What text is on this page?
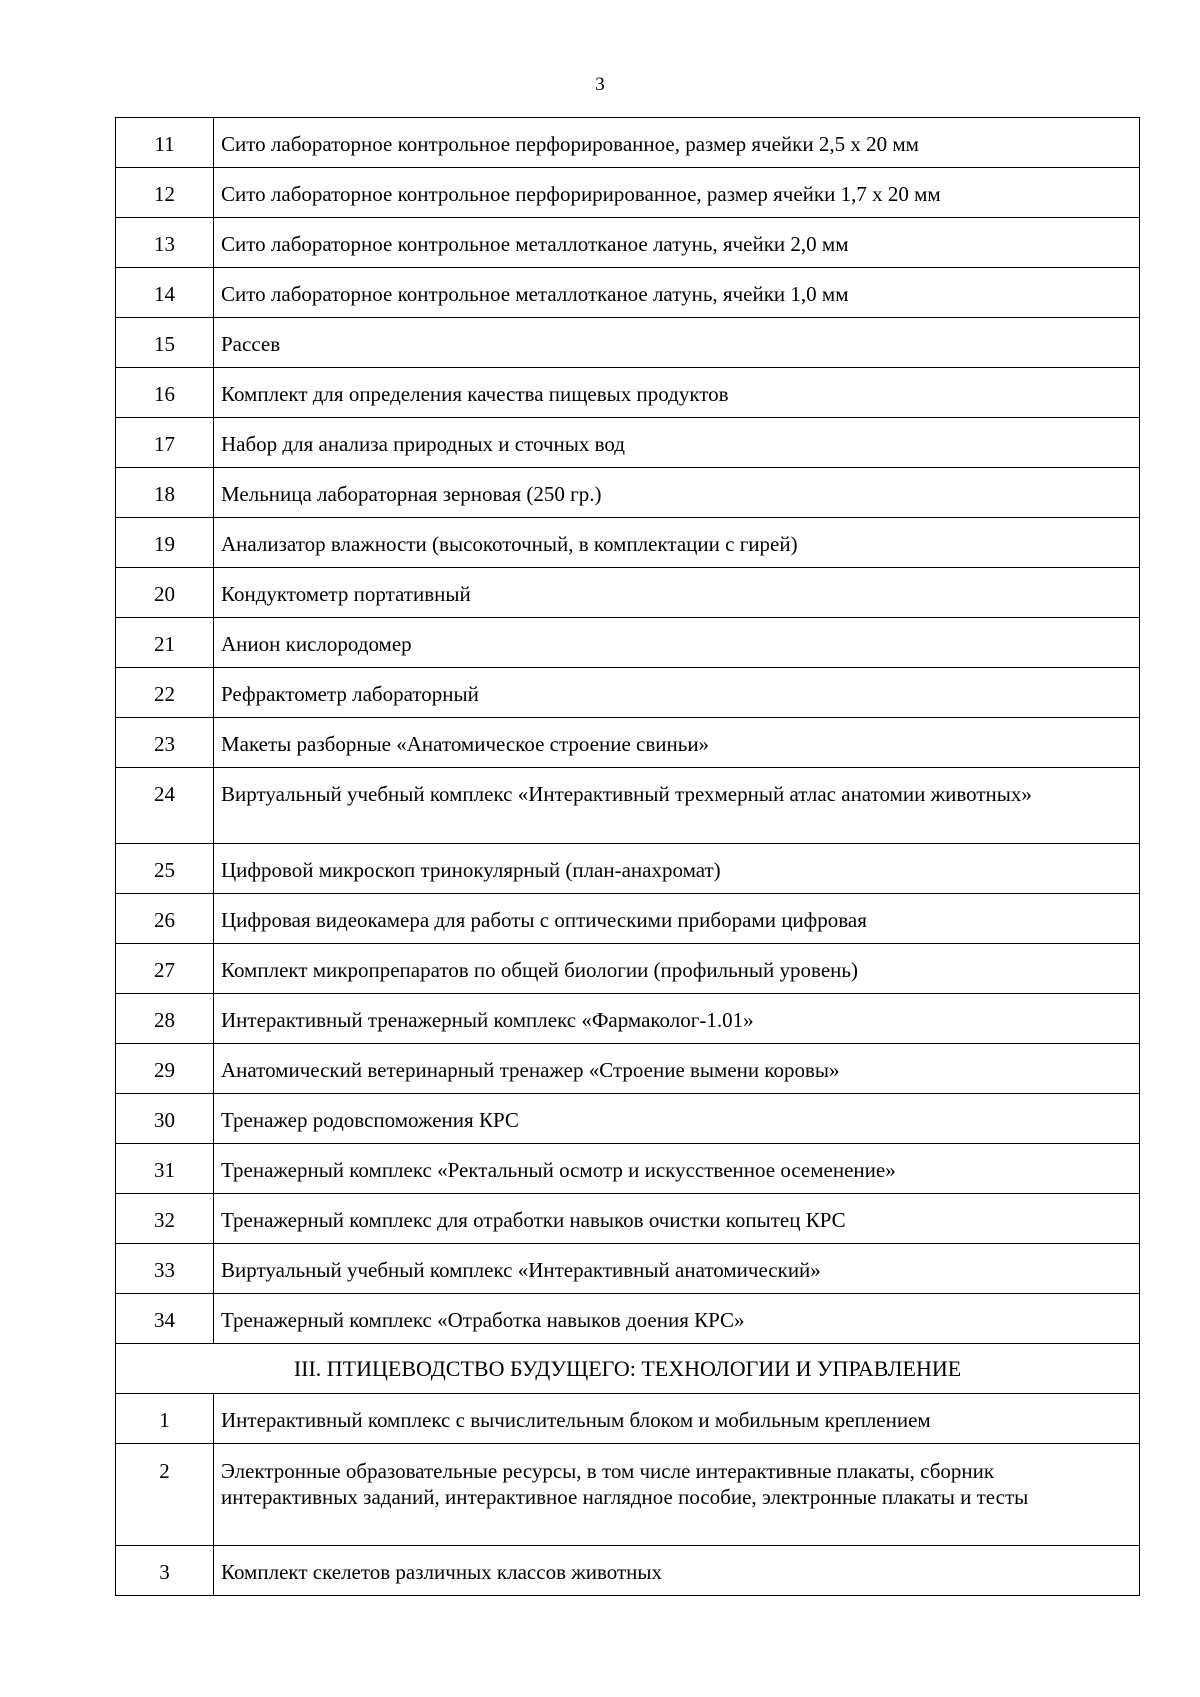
3
11	Сито лабораторное контрольное перфорированное, размер ячейки 2,5 х 20 мм

12	Сито лабораторное контрольное перфорирированное, размер ячейки 1,7 х 20 мм

13	Сито лабораторное контрольное металлотканое латунь, ячейки 2,0 мм

14	Сито лабораторное контрольное металлотканое латунь, ячейки 1,0 мм

15	Рассев

16	Комплект для определения качества пищевых продуктов

17	Набор для анализа природных и сточных вод

18	Мельница лабораторная зерновая (250 гр.)

19	Анализатор влажности (высокоточный, в комплектации с гирей)

20	Кондуктометр портативный

21	Анион кислородомер

22	Рефрактометр лабораторный

23	Макеты разборные «Анатомическое строение свиньи»

24	Виртуальный учебный комплекс «Интерактивный трехмерный атлас анатомии животных»

25	Цифровой микроскоп тринокулярный (план-анахромат)

26	Цифровая видеокамера для работы с оптическими приборами цифровая

27	Комплект микропрепаратов по общей биологии (профильный уровень)

28	Интерактивный тренажерный комплекс «Фармаколог-1.01»

29	Анатомический ветеринарный тренажер «Строение вымени коровы»

30	Тренажер родовспоможения КРС

31	Тренажерный комплекс «Ректальный осмотр и искусственное осеменение»

32	Тренажерный комплекс для отработки навыков очистки копытец КРС

33	Виртуальный учебный комплекс «Интерактивный анатомический»

34	Тренажерный комплекс «Отработка навыков доения КРС»

III. ПТИЦЕВОДСТВО БУДУЩЕГО: ТЕХНОЛОГИИ И УПРАВЛЕНИЕ	

1	Интерактивный комплекс с вычислительным блоком и мобильным креплением

2	Электронные образовательные ресурсы, в том числе интерактивные плакаты, сборник интерактивных заданий, интерактивное наглядное пособие, электронные плакаты и тесты

3	Комплект скелетов различных классов животных
